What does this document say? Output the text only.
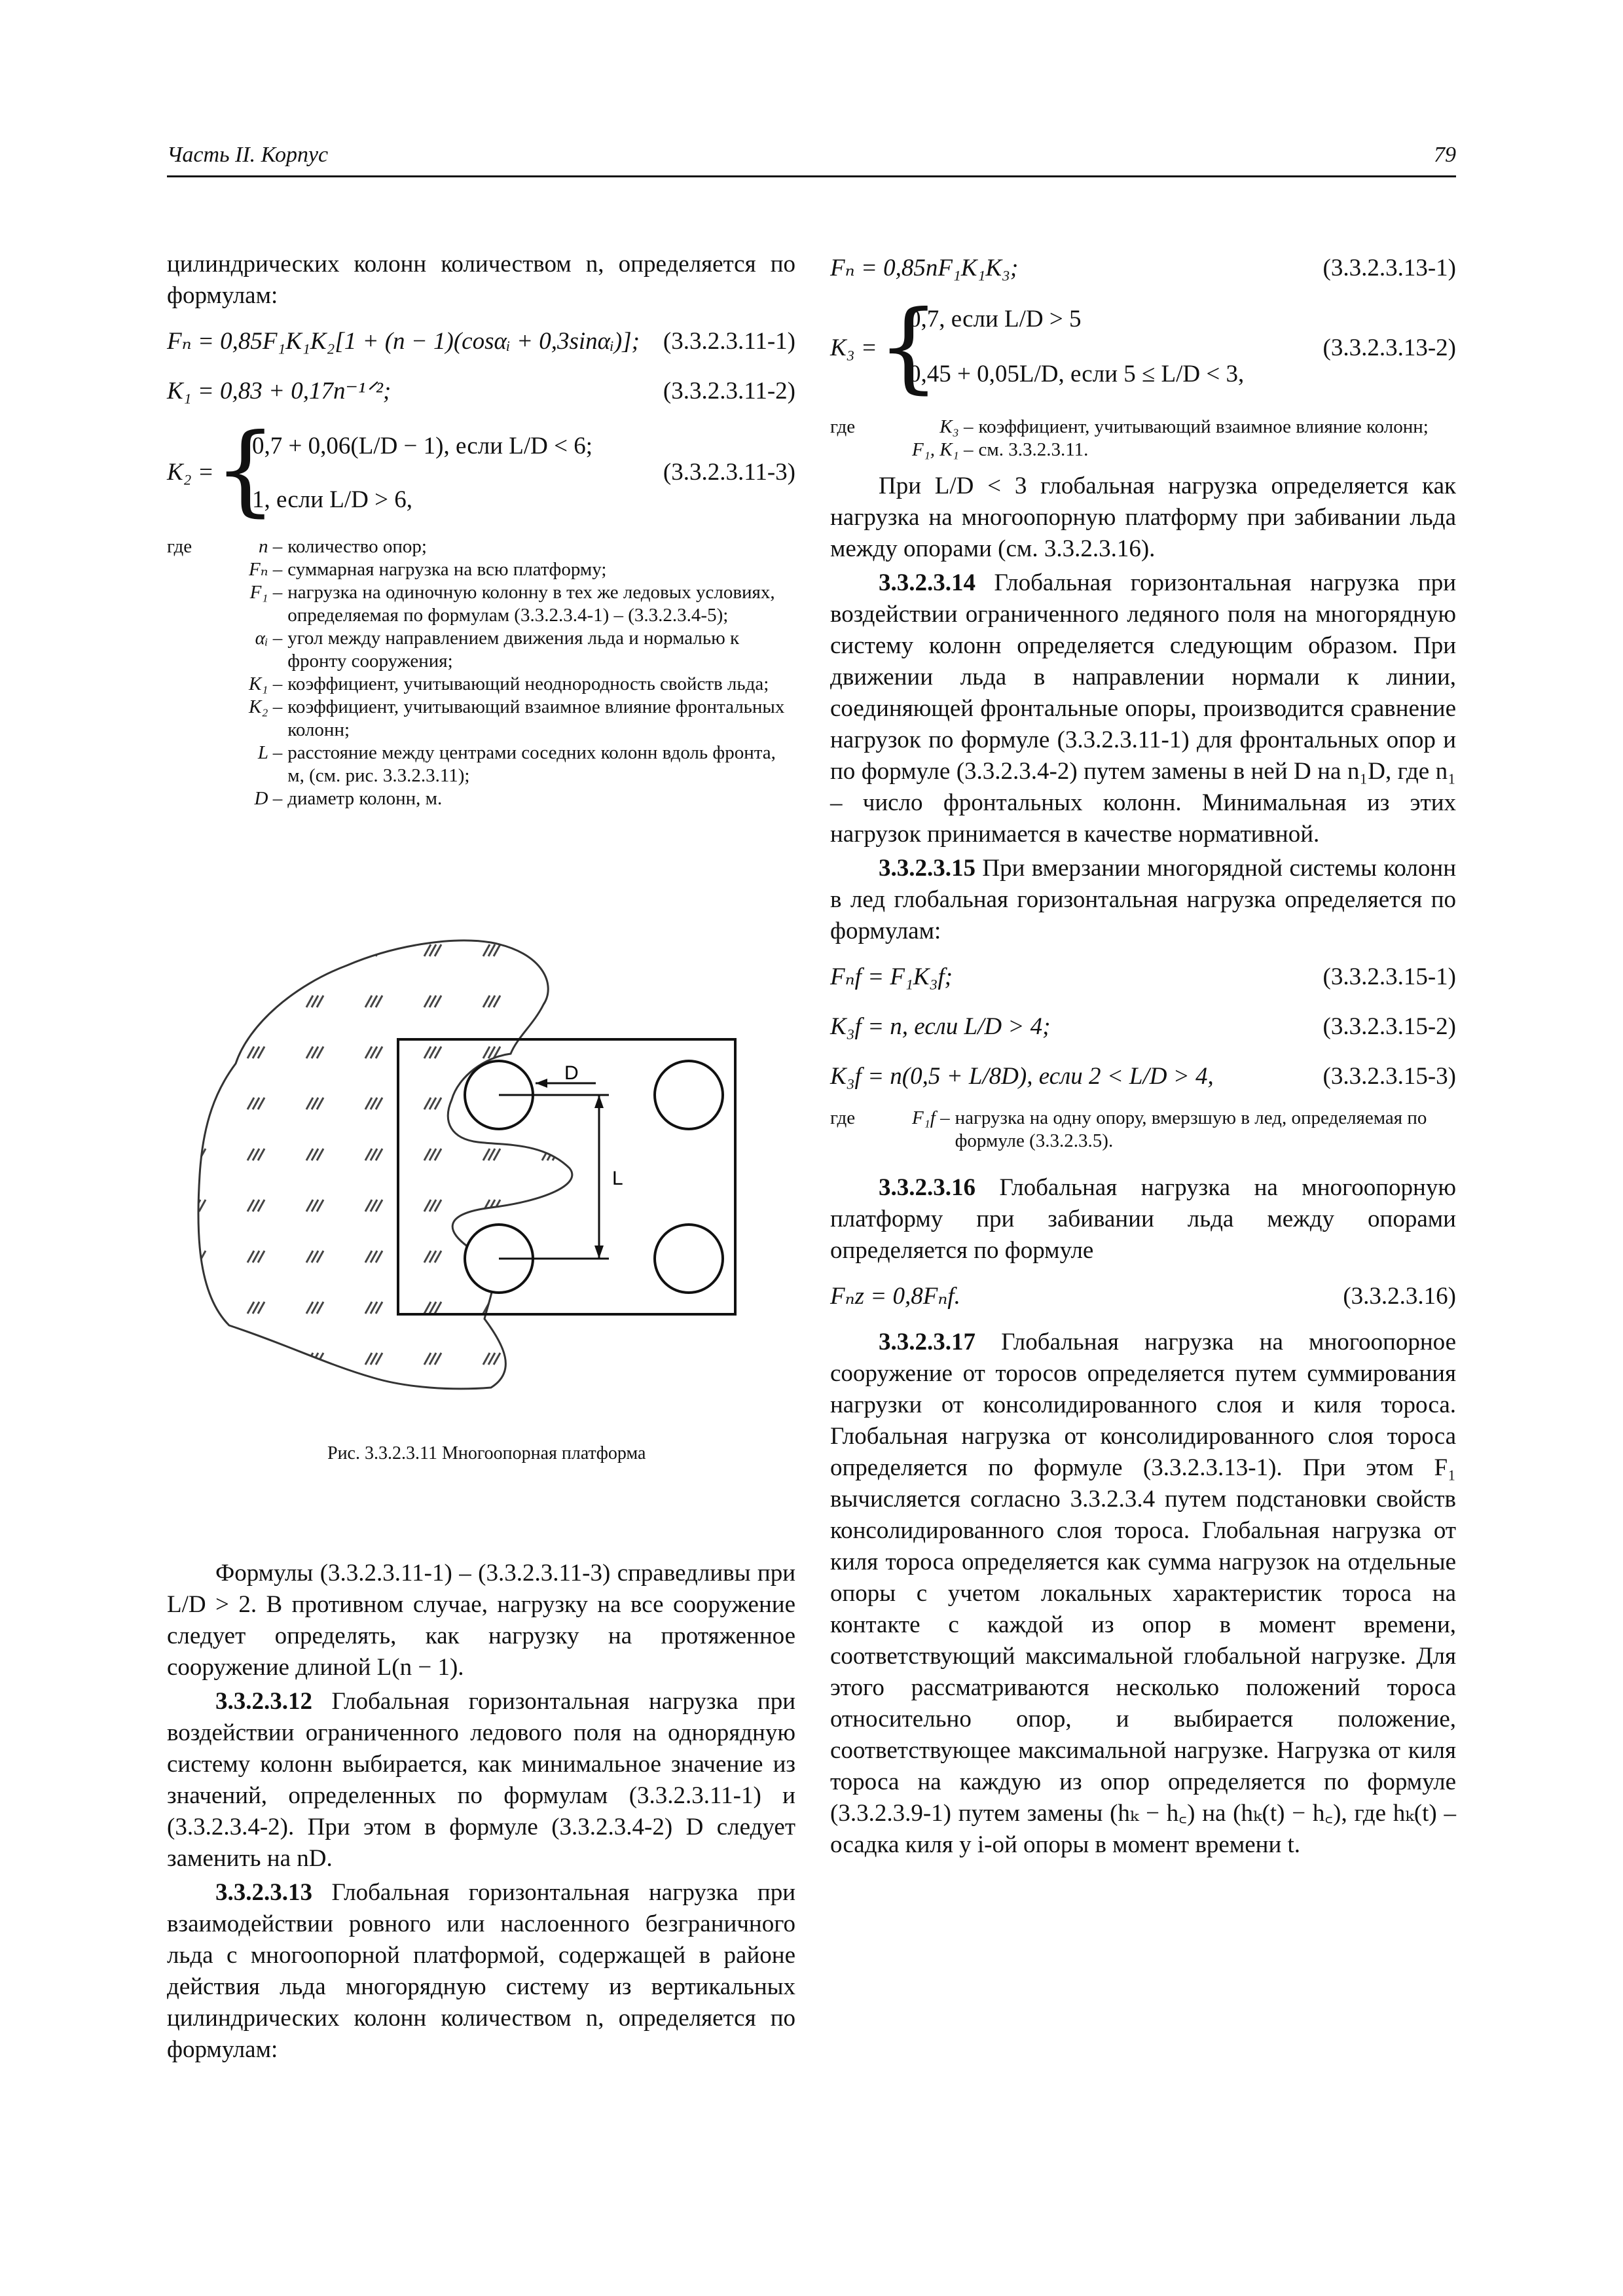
Часть II. Корпус	79

цилиндрических колонн количеством n, определяется по формулам:

Fₙ = 0,85F₁K₁K₂[1 + (n − 1)(cosαᵢ + 0,3sinαᵢ)]; (3.3.2.3.11-1)
K₁ = 0,83 + 0,17n⁻¹ᐟ²;	(3.3.2.3.11-2)
K₂ = {
0,7 + 0,06(L/D − 1), если L/D < 6;
1, если L/D > 6,
(3.3.2.3.11-3)
где	n –	количество опор;
Fₙ –	суммарная нагрузка на всю платформу;
F₁ –	нагрузка на одиночную колонну в тех же ледовых условиях, определяемая по формулам (3.3.2.3.4-1) – (3.3.2.3.4-5);
αᵢ –	угол между направлением движения льда и нормалью к фронту сооружения;
K₁ –	коэффициент, учитывающий неоднородность свойств льда;
K₂ –	коэффициент, учитывающий взаимное влияние фронтальных колонн;
L –	расстояние между центрами соседних колонн вдоль фронта, м, (см. рис. 3.3.2.3.11);
D –	диаметр колонн, м.
D
L
Рис. 3.3.2.3.11 Многоопорная платформа

Формулы (3.3.2.3.11-1) – (3.3.2.3.11-3) справедливы при L/D > 2. В противном случае, нагрузку на все сооружение следует определять, как нагрузку на протяженное сооружение длиной L(n − 1).

3.3.2.3.12 Глобальная горизонтальная нагрузка при воздействии ограниченного ледового поля на однорядную систему колонн выбирается, как минимальное значение из значений, определенных по формулам (3.3.2.3.11-1) и (3.3.2.3.4-2). При этом в формуле (3.3.2.3.4-2) D следует заменить на nD.

3.3.2.3.13 Глобальная горизонтальная нагрузка при взаимодействии ровного или наслоенного безграничного льда с многоопорной платформой, содержащей в районе действия льда многорядную систему из вертикальных цилиндрических колонн количеством n, определяется по формулам:

Fₙ = 0,85nF₁K₁K₃;	(3.3.2.3.13-1)
K₃ = {
0,7, если L/D > 5
0,45 + 0,05L/D, если 5 ≤ L/D < 3,
(3.3.2.3.13-2)
где	K₃ –	коэффициент, учитывающий взаимное влияние колонн;
F₁, K₁ –	см. 3.3.2.3.11.

При L/D < 3 глобальная нагрузка определяется как нагрузка на многоопорную платформу при забивании льда между опорами (см. 3.3.2.3.16).

3.3.2.3.14 Глобальная горизонтальная нагрузка при воздействии ограниченного ледяного поля на многорядную систему колонн определяется следующим образом. При движении льда в направлении нормали к линии, соединяющей фронтальные опоры, производится сравнение нагрузок по формуле (3.3.2.3.11-1) для фронтальных опор и по формуле (3.3.2.3.4-2) путем замены в ней D на n₁D, где n₁ – число фронтальных колонн. Минимальная из этих нагрузок принимается в качестве нормативной.

3.3.2.3.15 При вмерзании многорядной системы колонн в лед глобальная горизонтальная нагрузка определяется по формулам:

Fₙf = F₁K₃f;	(3.3.2.3.15-1)
K₃f = n, если L/D > 4;	(3.3.2.3.15-2)
K₃f = n(0,5 + L/8D), если 2 < L/D > 4,	(3.3.2.3.15-3)
где	F₁f –	нагрузка на одну опору, вмерзшую в лед, определяемая по формуле (3.3.2.3.5).

3.3.2.3.16 Глобальная нагрузка на многоопорную платформу при забивании льда между опорами определяется по формуле

Fₙz = 0,8Fₙf.	(3.3.2.3.16)

3.3.2.3.17 Глобальная нагрузка на многоопорное сооружение от торосов определяется путем суммирования нагрузки от консолидированного слоя и киля тороса. Глобальная нагрузка от консолидированного слоя тороса определяется по формуле (3.3.2.3.13-1). При этом F₁ вычисляется согласно 3.3.2.3.4 путем подстановки свойств консолидированного слоя тороса. Глобальная нагрузка от киля тороса определяется как сумма нагрузок на отдельные опоры с учетом локальных характеристик тороса на контакте с каждой из опор в момент времени, соответствующий максимальной глобальной нагрузке. Для этого рассматриваются несколько положений тороса относительно опор, и выбирается положение, соответствующее максимальной нагрузке. Нагрузка от киля тороса на каждую из опор определяется по формуле (3.3.2.3.9-1) путем замены (hₖ − h꜀) на (hₖ(t) − h꜀), где hₖ(t) – осадка киля у i-ой опоры в момент времени t.
